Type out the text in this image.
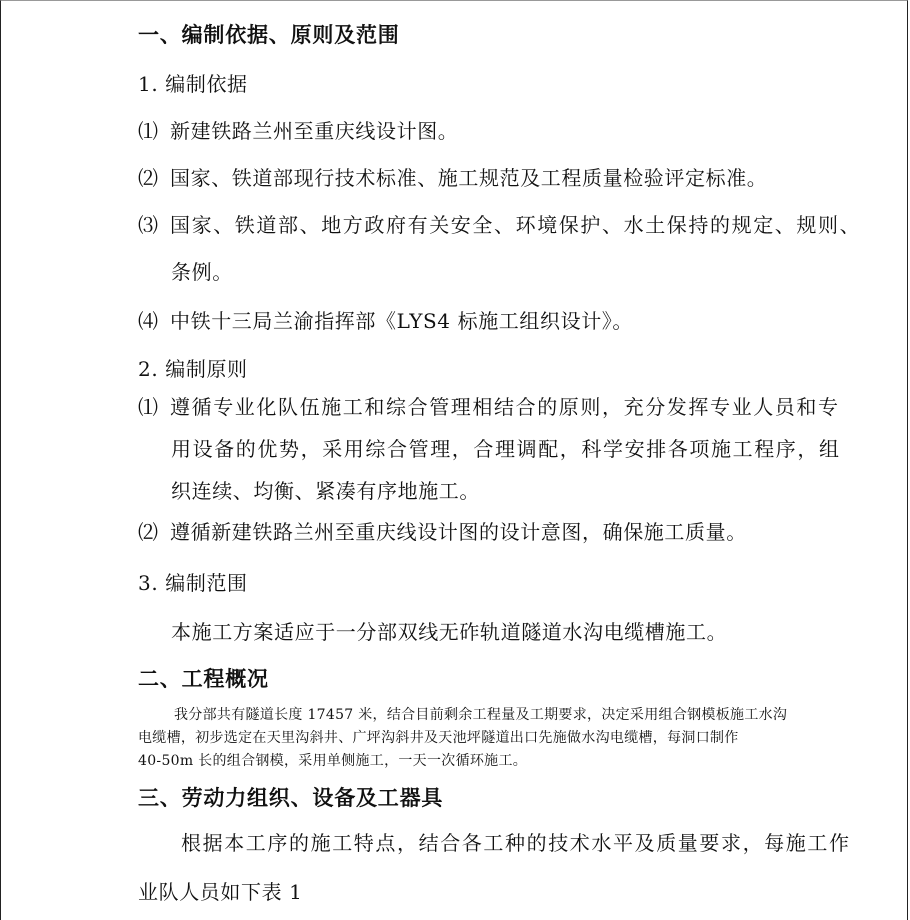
一、编制依据、原则及范围
1. 编制依据
⑴ 新建铁路兰州至重庆线设计图。
⑵ 国家、铁道部现行技术标准、施工规范及工程质量检验评定标准。
⑶ 国家、铁道部、地方政府有关安全、环境保护、水土保持的规定、规则、
条例。
⑷ 中铁十三局兰渝指挥部《LYS4 标施工组织设计》。
2. 编制原则
⑴ 遵循专业化队伍施工和综合管理相结合的原则，充分发挥专业人员和专
用设备的优势，采用综合管理，合理调配，科学安排各项施工程序，组
织连续、均衡、紧凑有序地施工。
⑵ 遵循新建铁路兰州至重庆线设计图的设计意图，确保施工质量。
3. 编制范围
本施工方案适应于一分部双线无砟轨道隧道水沟电缆槽施工。
二、工程概况
我分部共有隧道长度 17457 米，结合目前剩余工程量及工期要求，决定采用组合钢模板施工水沟
电缆槽，初步选定在天里沟斜井、广坪沟斜井及天池坪隧道出口先施做水沟电缆槽，每洞口制作
40-50m 长的组合钢模，采用单侧施工，一天一次循环施工。
三、劳动力组织、设备及工器具
根据本工序的施工特点，结合各工种的技术水平及质量要求，每施工作
业队人员如下表 1
